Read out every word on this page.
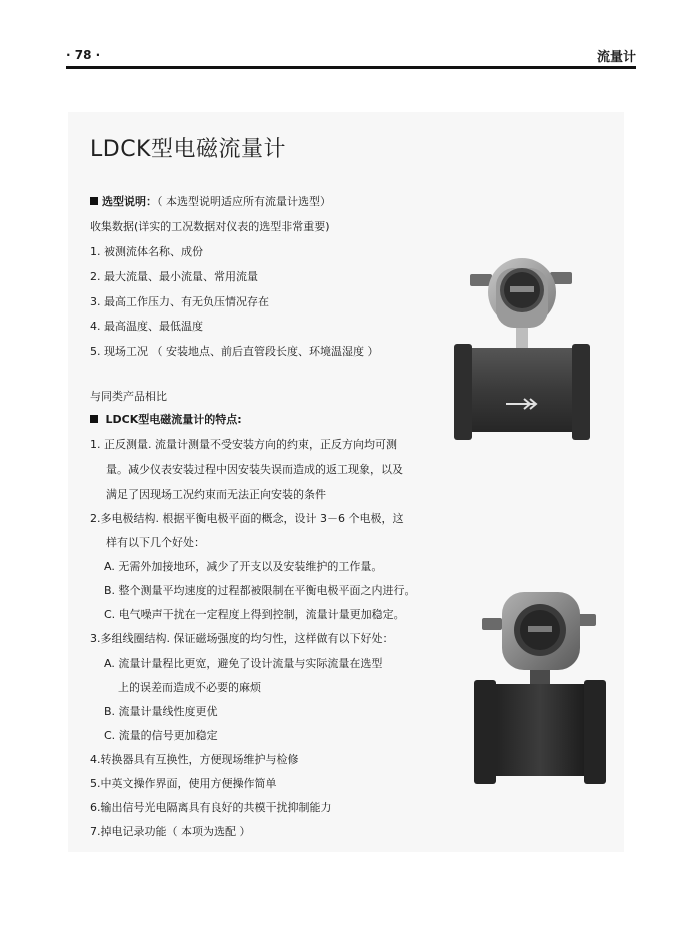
· 78 ·	流量计
LDCK型电磁流量计
选型说明：（ 本选型说明适应所有流量计选型）
收集数据(详实的工况数据对仪表的选型非常重要)
1. 被测流体名称、成份
2. 最大流量、最小流量、常用流量
3. 最高工作压力、有无负压情况存在
4. 最高温度、最低温度
5. 现场工况 （ 安装地点、前后直管段长度、环境温湿度 ）
与同类产品相比
LDCK型电磁流量计的特点:
1. 正反测量. 流量计测量不受安装方向的约束，正反方向均可测
量。减少仪表安装过程中因安装失误而造成的返工现象，以及
满足了因现场工况约束而无法正向安装的条件
2.多电极结构. 根据平衡电极平面的概念，设计 3－6 个电极，这
样有以下几个好处：
A. 无需外加接地环，减少了开支以及安装维护的工作量。
B. 整个测量平均速度的过程都被限制在平衡电极平面之内进行。
C. 电气噪声干扰在一定程度上得到控制，流量计量更加稳定。
3.多组线圈结构. 保证磁场强度的均匀性，这样做有以下好处：
A. 流量计量程比更宽，避免了设计流量与实际流量在选型
上的误差而造成不必要的麻烦
B. 流量计量线性度更优
C. 流量的信号更加稳定
4.转换器具有互换性，方便现场维护与检修
5.中英文操作界面，使用方便操作简单
6.输出信号光电隔离具有良好的共模干扰抑制能力
7.掉电记录功能（ 本项为选配 ）
